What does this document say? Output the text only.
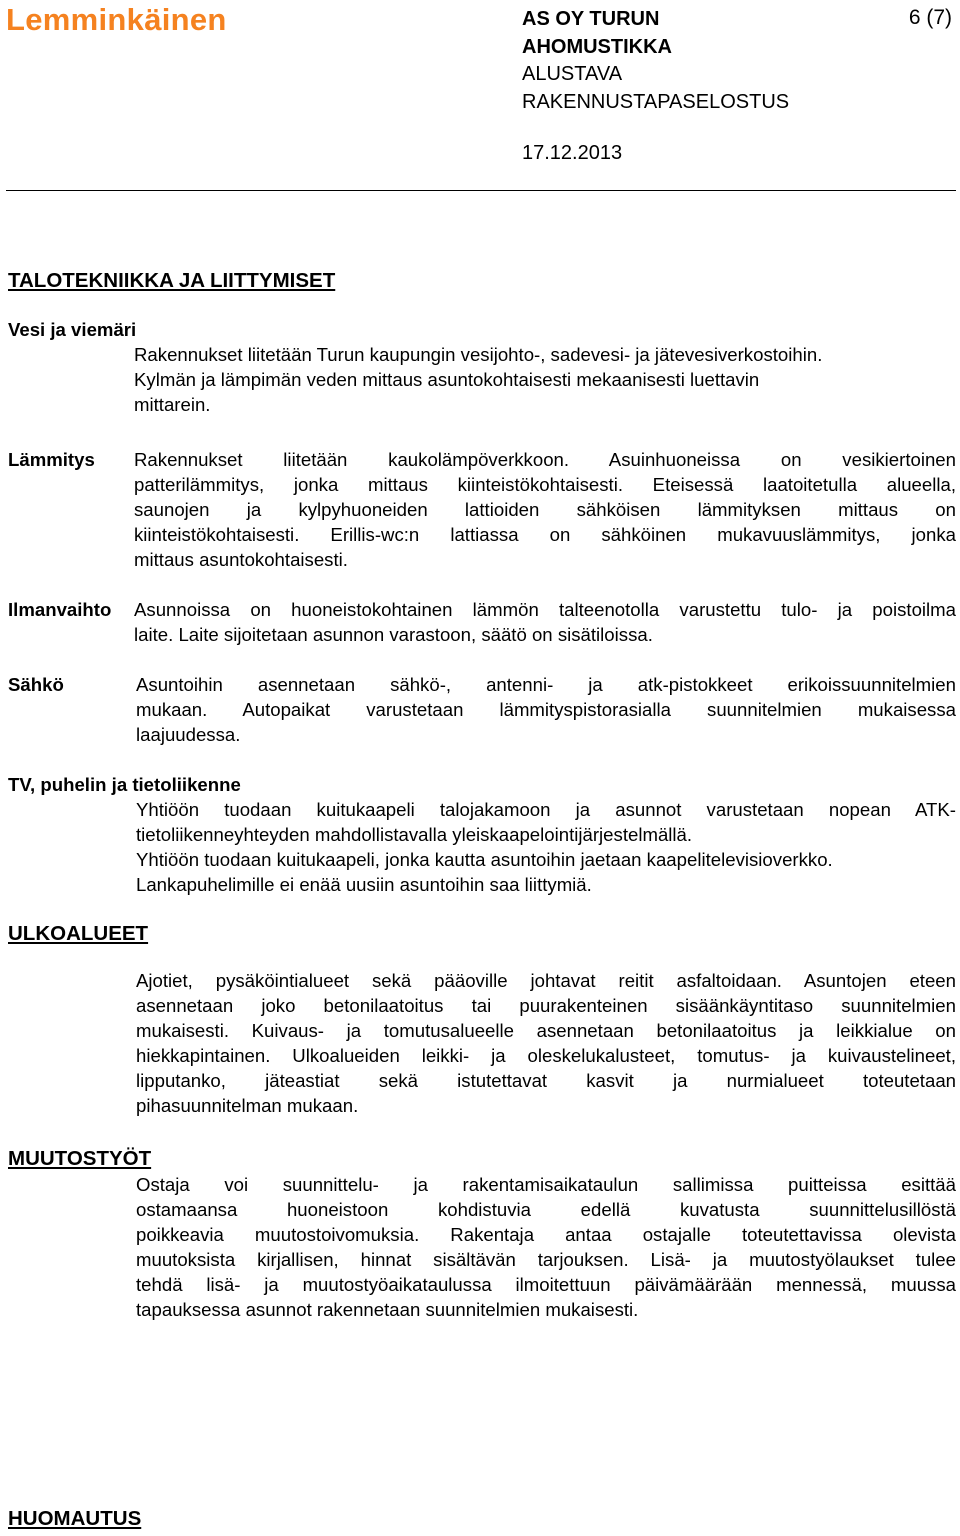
Lemminkäinen	AS OY TURUN
AHOMUSTIKKA
ALUSTAVA
RAKENNUSTAPASELOSTUS
6 (7)
17.12.2013
TALOTEKNIIKKA JA LIITTYMISET
Vesi ja viemäri
Rakennukset liitetään Turun kaupungin vesijohto-, sadevesi- ja jätevesiverkostoihin.
Kylmän ja lämpimän veden mittaus asuntokohtaisesti mekaanisesti luettavin
mittarein.
Lämmitys Rakennukset liitetään kaukolämpöverkkoon. Asuinhuoneissa on vesikiertoinen
patterilämmitys, jonka mittaus kiinteistökohtaisesti. Eteisessä laatoitetulla alueella,
saunojen ja kylpyhuoneiden lattioiden sähköisen lämmityksen mittaus on
kiinteistökohtaisesti. Erillis-wc:n lattiassa on sähköinen mukavuuslämmitys, jonka
mittaus asuntokohtaisesti.
Ilmanvaihto Asunnoissa on huoneistokohtainen lämmön talteenotolla varustettu tulo- ja poistoilma
laite. Laite sijoitetaan asunnon varastoon, säätö on sisätiloissa.
Sähkö	Asuntoihin asennetaan sähkö-, antenni- ja atk-pistokkeet erikoissuunnitelmien
mukaan. Autopaikat varustetaan lämmityspistorasialla suunnitelmien mukaisessa
laajuudessa.
TV, puhelin ja tietoliikenne
Yhtiöön tuodaan kuitukaapeli talojakamoon ja asunnot varustetaan nopean ATK-
tietoliikenneyhteyden mahdollistavalla yleiskaapelointijärjestelmällä.
Yhtiöön tuodaan kuitukaapeli, jonka kautta asuntoihin jaetaan kaapelitelevisioverkko.
Lankapuhelimille ei enää uusiin asuntoihin saa liittymiä.
ULKOALUEET
Ajotiet, pysäköintialueet sekä pääoville johtavat reitit asfaltoidaan. Asuntojen eteen
asennetaan joko betonilaatoitus tai puurakenteinen sisäänkäyntitaso suunnitelmien
mukaisesti. Kuivaus- ja tomutusalueelle asennetaan betonilaatoitus ja leikkialue on
hiekkapintainen. Ulkoalueiden leikki- ja oleskelukalusteet, tomutus- ja kuivaustelineet,
lipputanko, jäteastiat sekä istutettavat kasvit ja nurmialueet toteutetaan
pihasuunnitelman mukaan.
MUUTOSTYÖT
Ostaja voi suunnittelu- ja rakentamisaikataulun sallimissa puitteissa esittää
ostamaansa huoneistoon kohdistuvia edellä kuvatusta suunnittelusillöstä
poikkeavia muutostoivomuksia. Rakentaja antaa ostajalle toteutettavissa olevista
muutoksista kirjallisen, hinnat sisältävän tarjouksen. Lisä- ja muutostyölaukset tulee
tehdä lisä- ja muutostyöaikataulussa ilmoitettuun päivämäärään mennessä, muussa
tapauksessa asunnot rakennetaan suunnitelmien mukaisesti.
HUOMAUTUS
